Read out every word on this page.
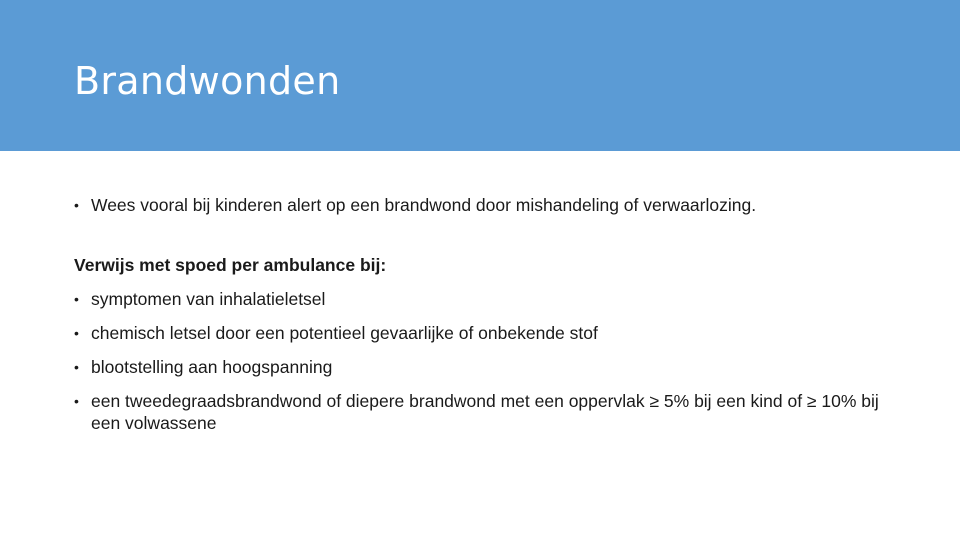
Brandwonden
• Wees vooral bij kinderen alert op een brandwond door mishandeling of verwaarlozing.
Verwijs met spoed per ambulance bij:
• symptomen van inhalatieletsel
• chemisch letsel door een potentieel gevaarlijke of onbekende stof
• blootstelling aan hoogspanning
• een tweedegraadsbrandwond of diepere brandwond met een oppervlak ≥ 5% bij een kind of ≥ 10% bij een volwassene
